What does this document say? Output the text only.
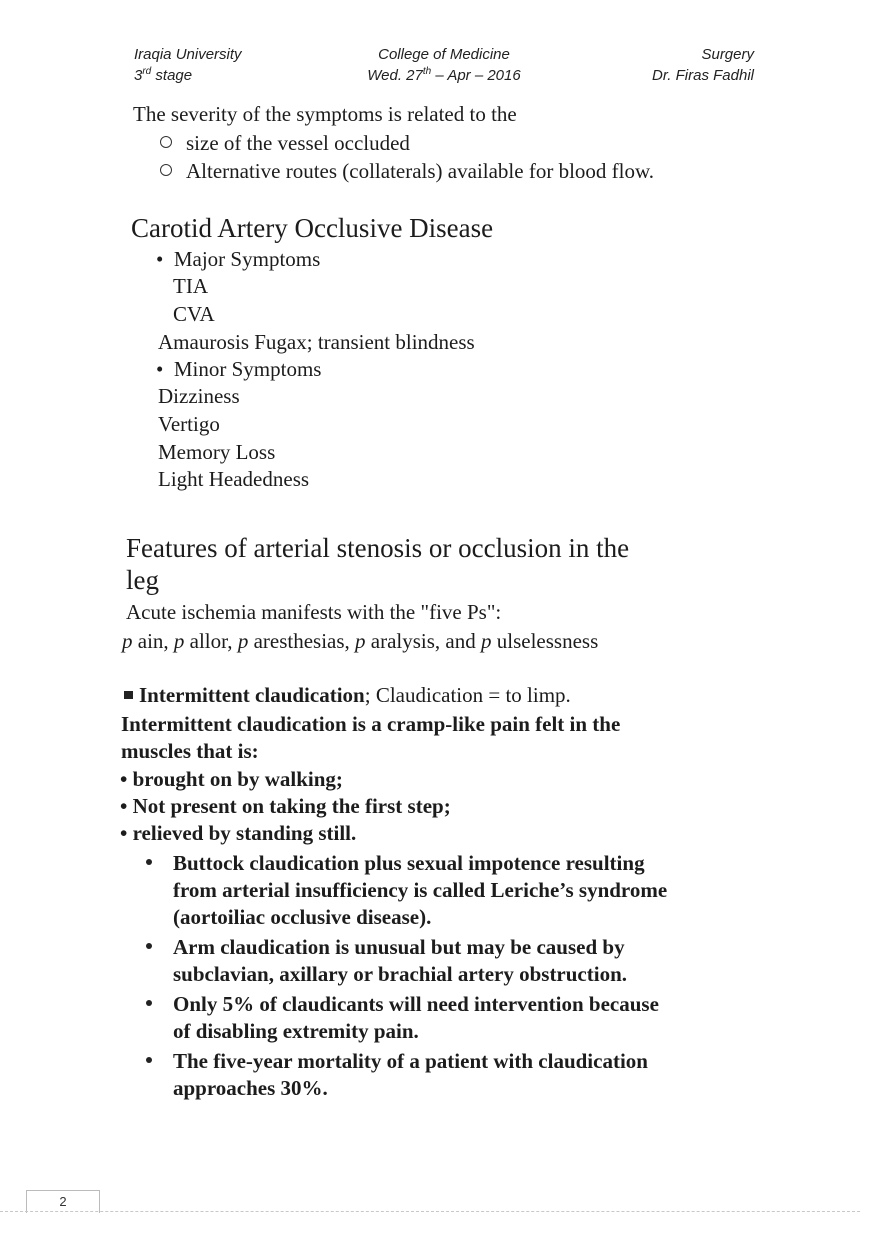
Iraqia University
3rd stage
College of Medicine
Wed. 27th – Apr – 2016
Surgery
Dr. Firas Fadhil
The severity of the symptoms is related to the
size of the vessel occluded
Alternative routes (collaterals) available for blood flow.
Carotid Artery Occlusive Disease
•  Major Symptoms
TIA
CVA
Amaurosis Fugax; transient blindness
•  Minor Symptoms
Dizziness
Vertigo
Memory Loss
Light Headedness
Features of arterial stenosis or occlusion in the
leg
Acute ischemia manifests with the "five Ps":
p ain, p allor, p aresthesias, p aralysis, and p ulselessness
Intermittent claudication; Claudication = to limp.
Intermittent claudication is a cramp-like pain felt in the
muscles that is:
• brought on by walking;
• Not present on taking the first step;
• relieved by standing still.
Buttock claudication plus sexual impotence resulting
from arterial insufficiency is called Leriche’s syndrome
(aortoiliac occlusive disease).
Arm claudication is unusual but may be caused by
subclavian, axillary or brachial artery obstruction.
Only 5% of claudicants will need intervention because
of disabling extremity pain.
The five-year mortality of a patient with claudication
approaches 30%.
2
